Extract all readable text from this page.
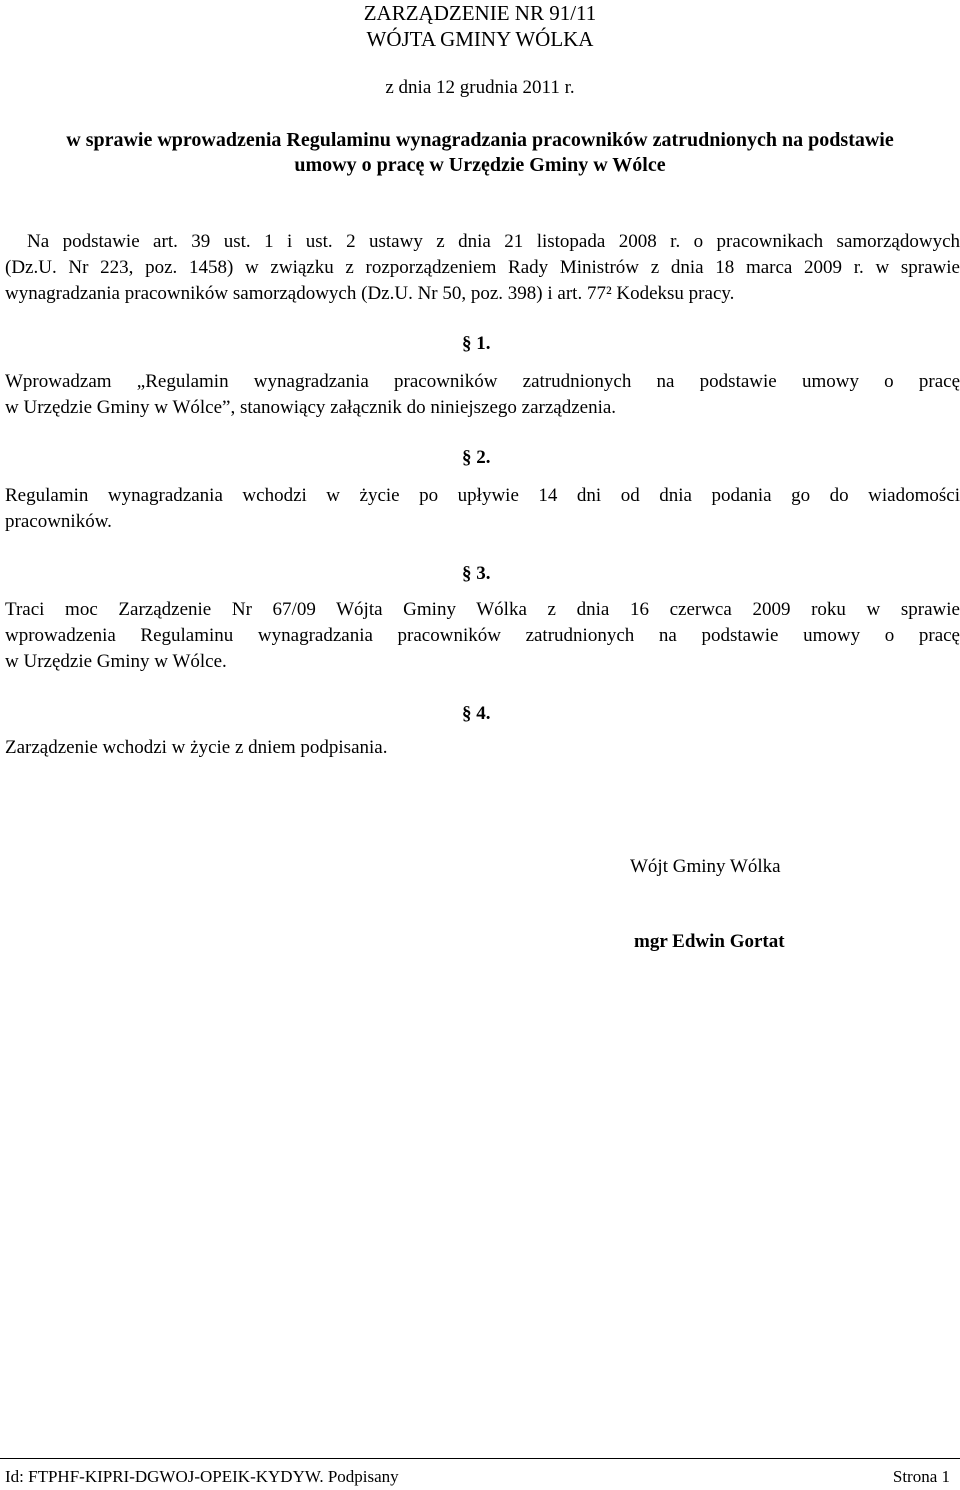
ZARZĄDZENIE NR 91/11
WÓJTA GMINY WÓLKA
z dnia 12 grudnia 2011 r.
w sprawie wprowadzenia Regulaminu wynagradzania pracowników zatrudnionych na podstawie
umowy o pracę w Urzędzie Gminy w Wólce
Na podstawie art. 39 ust. 1 i ust. 2 ustawy z dnia 21 listopada 2008 r. o pracownikach samorządowych
(Dz.U. Nr 223, poz. 1458) w związku z rozporządzeniem Rady Ministrów z dnia 18 marca 2009 r. w sprawie
wynagradzania pracowników samorządowych (Dz.U. Nr 50, poz. 398) i art. 77² Kodeksu pracy.
§ 1.
Wprowadzam „Regulamin wynagradzania pracowników zatrudnionych na podstawie umowy o pracę
w Urzędzie Gminy w Wólce”, stanowiący załącznik do niniejszego zarządzenia.
§ 2.
Regulamin wynagradzania wchodzi w życie po upływie 14 dni od dnia podania go do wiadomości
pracowników.
§ 3.
Traci moc Zarządzenie Nr 67/09 Wójta Gminy Wólka z dnia 16 czerwca 2009 roku w sprawie
wprowadzenia Regulaminu wynagradzania pracowników zatrudnionych na podstawie umowy o pracę
w Urzędzie Gminy w Wólce.
§ 4.
Zarządzenie wchodzi w życie z dniem podpisania.
Wójt Gminy Wólka
mgr Edwin Gortat
Id: FTPHF-KIPRI-DGWOJ-OPEIK-KYDYW. Podpisany	Strona 1
